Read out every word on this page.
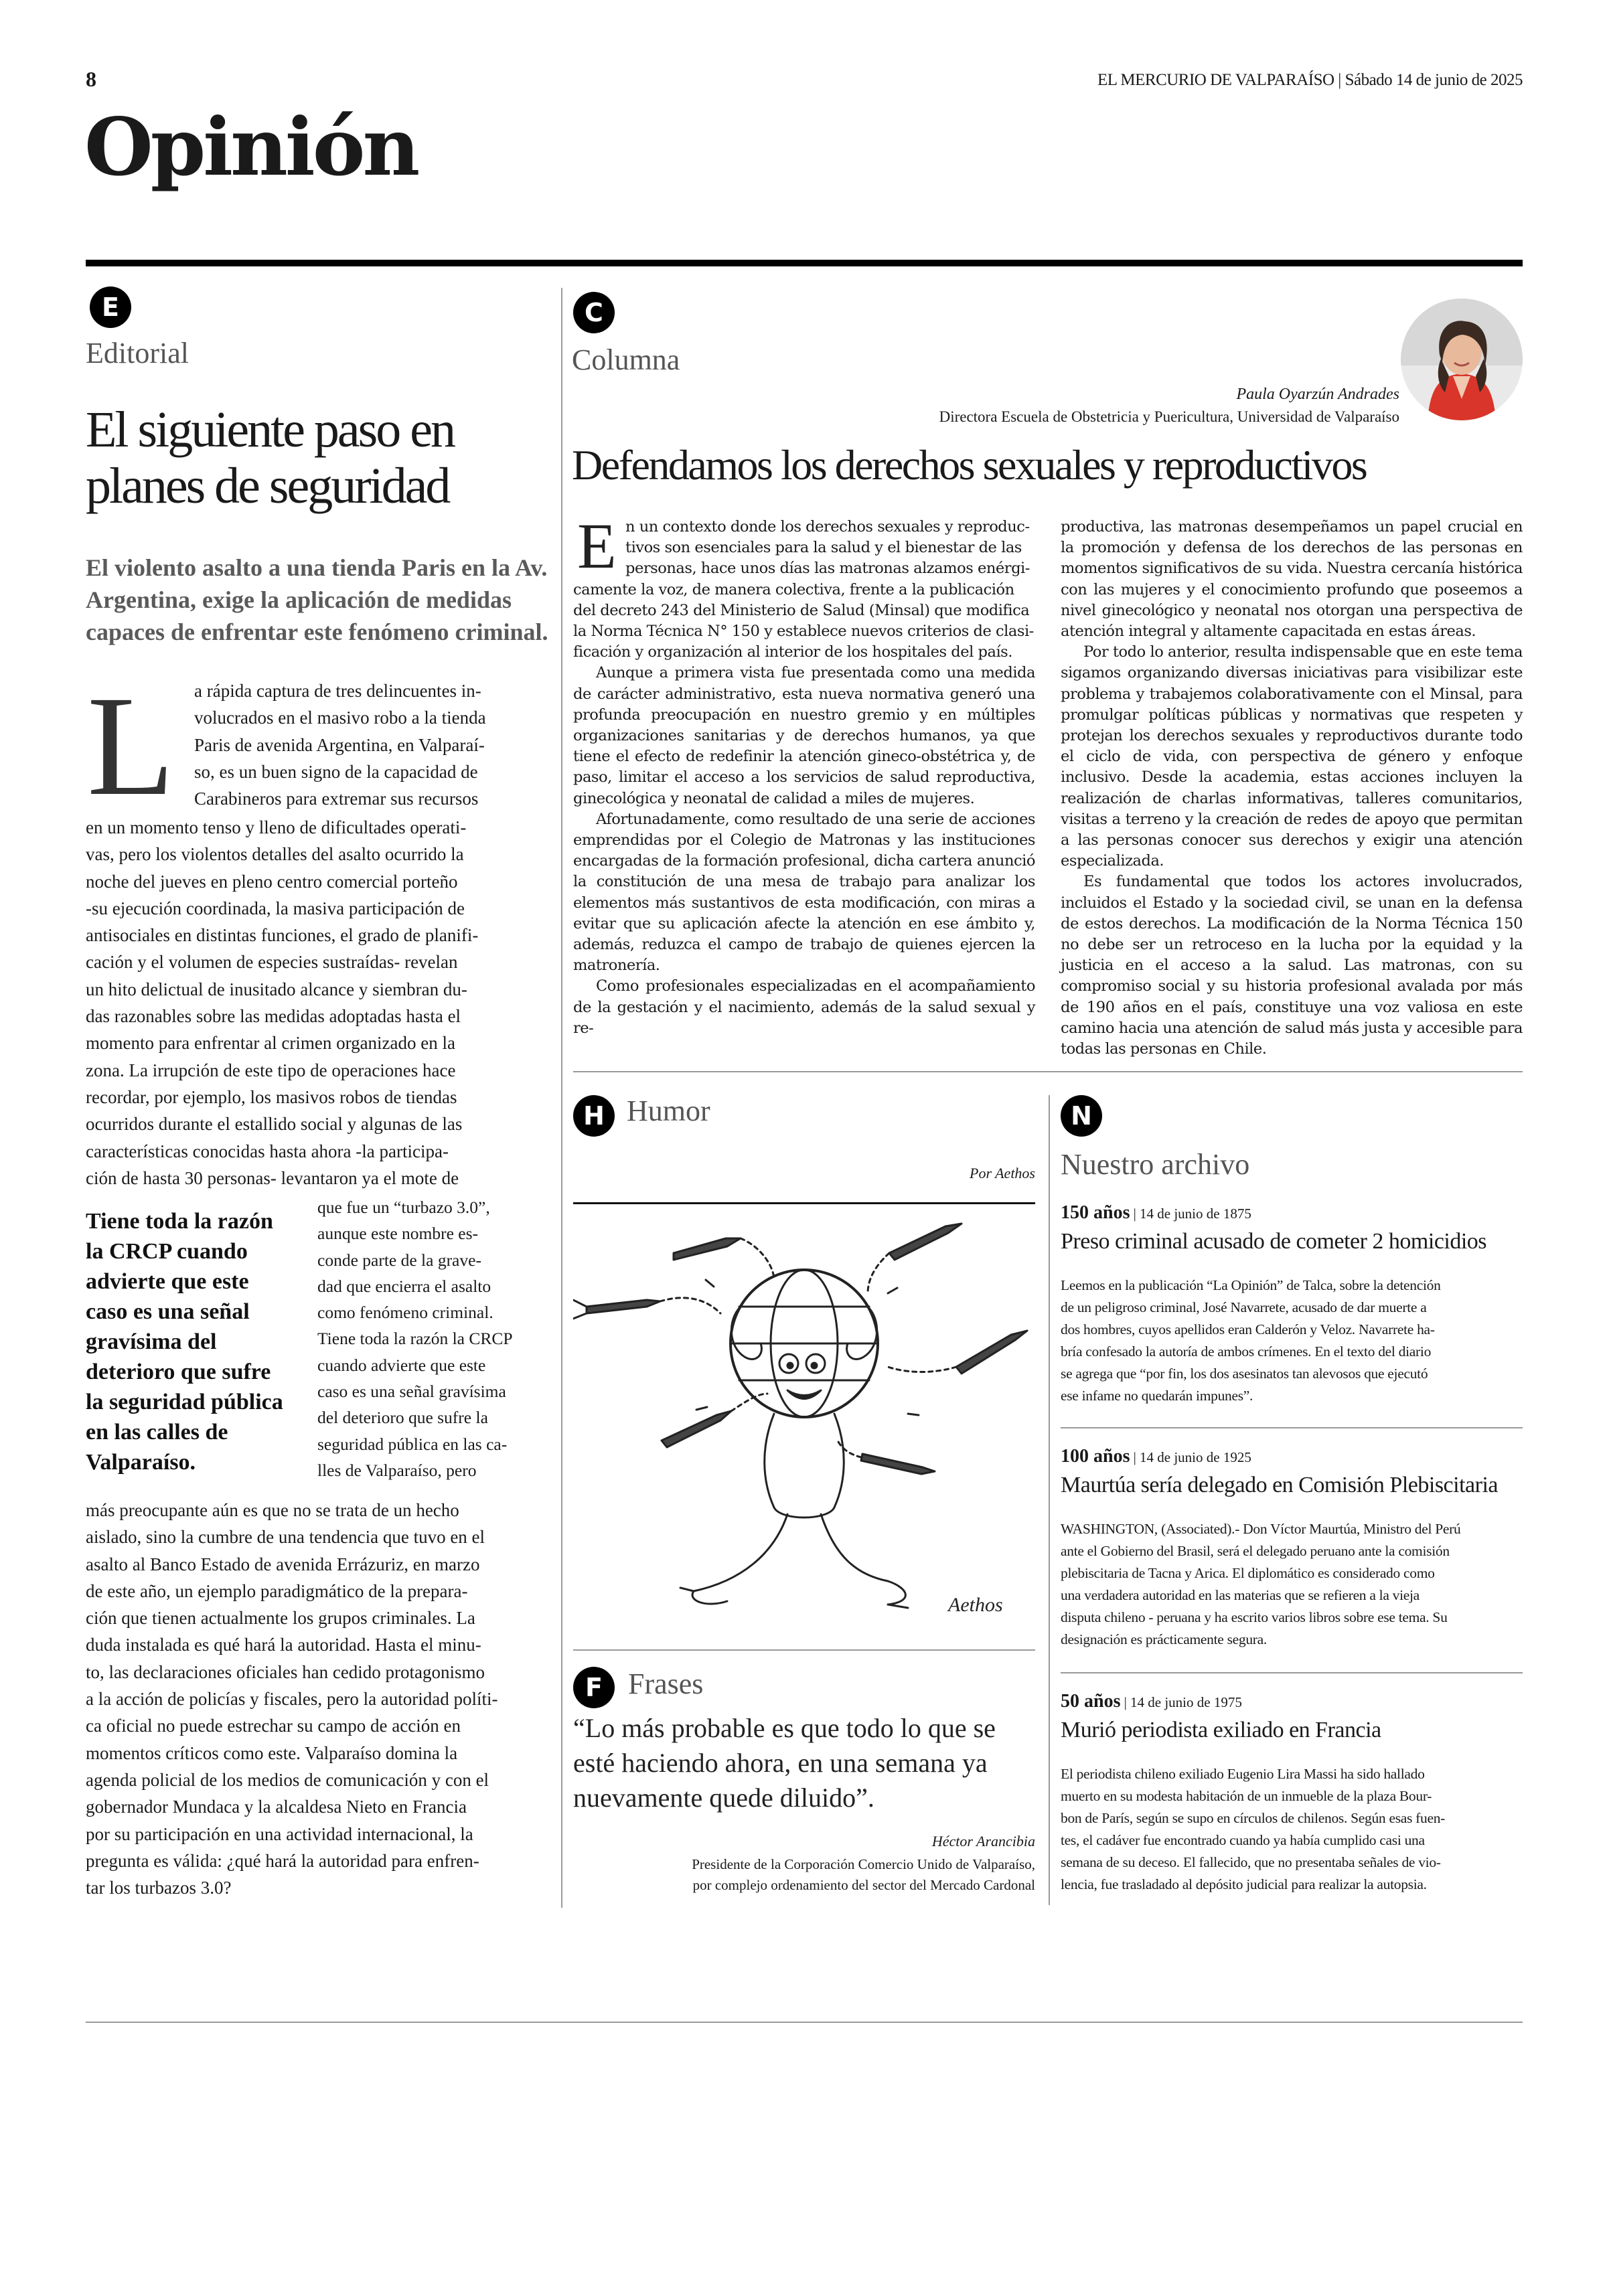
8	EL MERCURIO DE VALPARAÍSO | Sábado 14 de junio de 2025
Opinión
E
Editorial
El siguiente paso en
planes de seguridad
El violento asalto a una tienda Paris en la Av.
Argentina, exige la aplicación de medidas
capaces de enfrentar este fenómeno criminal.
L a rápida captura de tres delincuentes in-
volucrados en el masivo robo a la tienda
Paris de avenida Argentina, en Valparaí-
so, es un buen signo de la capacidad de
Carabineros para extremar sus recursos
en un momento tenso y lleno de dificultades operati-
vas, pero los violentos detalles del asalto ocurrido la
noche del jueves en pleno centro comercial porteño
-su ejecución coordinada, la masiva participación de
antisociales en distintas funciones, el grado de planifi-
cación y el volumen de especies sustraídas- revelan
un hito delictual de inusitado alcance y siembran du-
das razonables sobre las medidas adoptadas hasta el
momento para enfrentar al crimen organizado en la
zona. La irrupción de este tipo de operaciones hace
recordar, por ejemplo, los masivos robos de tiendas
ocurridos durante el estallido social y algunas de las
características conocidas hasta ahora -la participa-
ción de hasta 30 personas- levantaron ya el mote de
Tiene toda la razón
la CRCP cuando
advierte que este
caso es una señal
gravísima del
deterioro que sufre
la seguridad pública
en las calles de
Valparaíso.
que fue un “turbazo 3.0”,
aunque este nombre es-
conde parte de la grave-
dad que encierra el asalto
como fenómeno criminal.
Tiene toda la razón la CRCP
cuando advierte que este
caso es una señal gravísima
del deterioro que sufre la
seguridad pública en las ca-
lles de Valparaíso, pero
más preocupante aún es que no se trata de un hecho
aislado, sino la cumbre de una tendencia que tuvo en el
asalto al Banco Estado de avenida Errázuriz, en marzo
de este año, un ejemplo paradigmático de la prepara-
ción que tienen actualmente los grupos criminales. La
duda instalada es qué hará la autoridad. Hasta el minu-
to, las declaraciones oficiales han cedido protagonismo
a la acción de policías y fiscales, pero la autoridad políti-
ca oficial no puede estrechar su campo de acción en
momentos críticos como este. Valparaíso domina la
agenda policial de los medios de comunicación y con el
gobernador Mundaca y la alcaldesa Nieto en Francia
por su participación en una actividad internacional, la
pregunta es válida: ¿qué hará la autoridad para enfren-
tar los turbazos 3.0?
C
Columna
Paula Oyarzún Andrades
Directora Escuela de Obstetricia y Puericultura, Universidad de Valparaíso
Defendamos los derechos sexuales y reproductivos
E n un contexto donde los derechos sexuales y reproduc-
tivos son esenciales para la salud y el bienestar de las
personas, hace unos días las matronas alzamos enérgi-
camente la voz, de manera colectiva, frente a la publicación
del decreto 243 del Ministerio de Salud (Minsal) que modifica
la Norma Técnica N° 150 y establece nuevos criterios de clasi-
ficación y organización al interior de los hospitales del país.

Aunque a primera vista fue presentada como una medida de carácter administrativo, esta nueva normativa generó una profunda preocupación en nuestro gremio y en múltiples organizaciones sanitarias y de derechos humanos, ya que tiene el efecto de redefinir la atención gineco-obstétrica y, de paso, limitar el acceso a los servicios de salud reproductiva, ginecológica y neonatal de calidad a miles de mujeres.

Afortunadamente, como resultado de una serie de acciones emprendidas por el Colegio de Matronas y las instituciones encargadas de la formación profesional, dicha cartera anunció la constitución de una mesa de trabajo para analizar los elementos más sustantivos de esta modificación, con miras a evitar que su aplicación afecte la atención en ese ámbito y, además, reduzca el campo de trabajo de quienes ejercen la matronería.

Como profesionales especializadas en el acompañamiento de la gestación y el nacimiento, además de la salud sexual y re-

productiva, las matronas desempeñamos un papel crucial en la promoción y defensa de los derechos de las personas en momentos significativos de su vida. Nuestra cercanía histórica con las mujeres y el conocimiento profundo que poseemos a nivel ginecológico y neonatal nos otorgan una perspectiva de atención integral y altamente capacitada en estas áreas.

Por todo lo anterior, resulta indispensable que en este tema sigamos organizando diversas iniciativas para visibilizar este problema y trabajemos colaborativamente con el Minsal, para promulgar políticas públicas y normativas que respeten y protejan los derechos sexuales y reproductivos durante todo el ciclo de vida, con perspectiva de género y enfoque inclusivo. Desde la academia, estas acciones incluyen la realización de charlas informativas, talleres comunitarios, visitas a terreno y la creación de redes de apoyo que permitan a las personas conocer sus derechos y exigir una atención especializada.

Es fundamental que todos los actores involucrados, incluidos el Estado y la sociedad civil, se unan en la defensa de estos derechos. La modificación de la Norma Técnica 150 no debe ser un retroceso en la lucha por la equidad y la justicia en el acceso a la salud. Las matronas, con su compromiso social y su historia profesional avalada por más de 190 años en el país, constituye una voz valiosa en este camino hacia una atención de salud más justa y accesible para todas las personas en Chile.

H Humor
Por Aethos
Aethos
F Frases
“Lo más probable es que todo lo que se
esté haciendo ahora, en una semana ya
nuevamente quede diluido”.
Héctor Arancibia
Presidente de la Corporación Comercio Unido de Valparaíso,
por complejo ordenamiento del sector del Mercado Cardonal
N
Nuestro archivo
150 años | 14 de junio de 1875
Preso criminal acusado de cometer 2 homicidios
Leemos en la publicación “La Opinión” de Talca, sobre la detención
de un peligroso criminal, José Navarrete, acusado de dar muerte a
dos hombres, cuyos apellidos eran Calderón y Veloz. Navarrete ha-
bría confesado la autoría de ambos crímenes. En el texto del diario
se agrega que “por fin, los dos asesinatos tan alevosos que ejecutó
ese infame no quedarán impunes”.
100 años | 14 de junio de 1925
Maurtúa sería delegado en Comisión Plebiscitaria
WASHINGTON, (Associated).- Don Víctor Maurtúa, Ministro del Perú
ante el Gobierno del Brasil, será el delegado peruano ante la comisión
plebiscitaria de Tacna y Arica. El diplomático es considerado como
una verdadera autoridad en las materias que se refieren a la vieja
disputa chileno - peruana y ha escrito varios libros sobre ese tema. Su
designación es prácticamente segura.
50 años | 14 de junio de 1975
Murió periodista exiliado en Francia
El periodista chileno exiliado Eugenio Lira Massi ha sido hallado
muerto en su modesta habitación de un inmueble de la plaza Bour-
bon de París, según se supo en círculos de chilenos. Según esas fuen-
tes, el cadáver fue encontrado cuando ya había cumplido casi una
semana de su deceso. El fallecido, que no presentaba señales de vio-
lencia, fue trasladado al depósito judicial para realizar la autopsia.
